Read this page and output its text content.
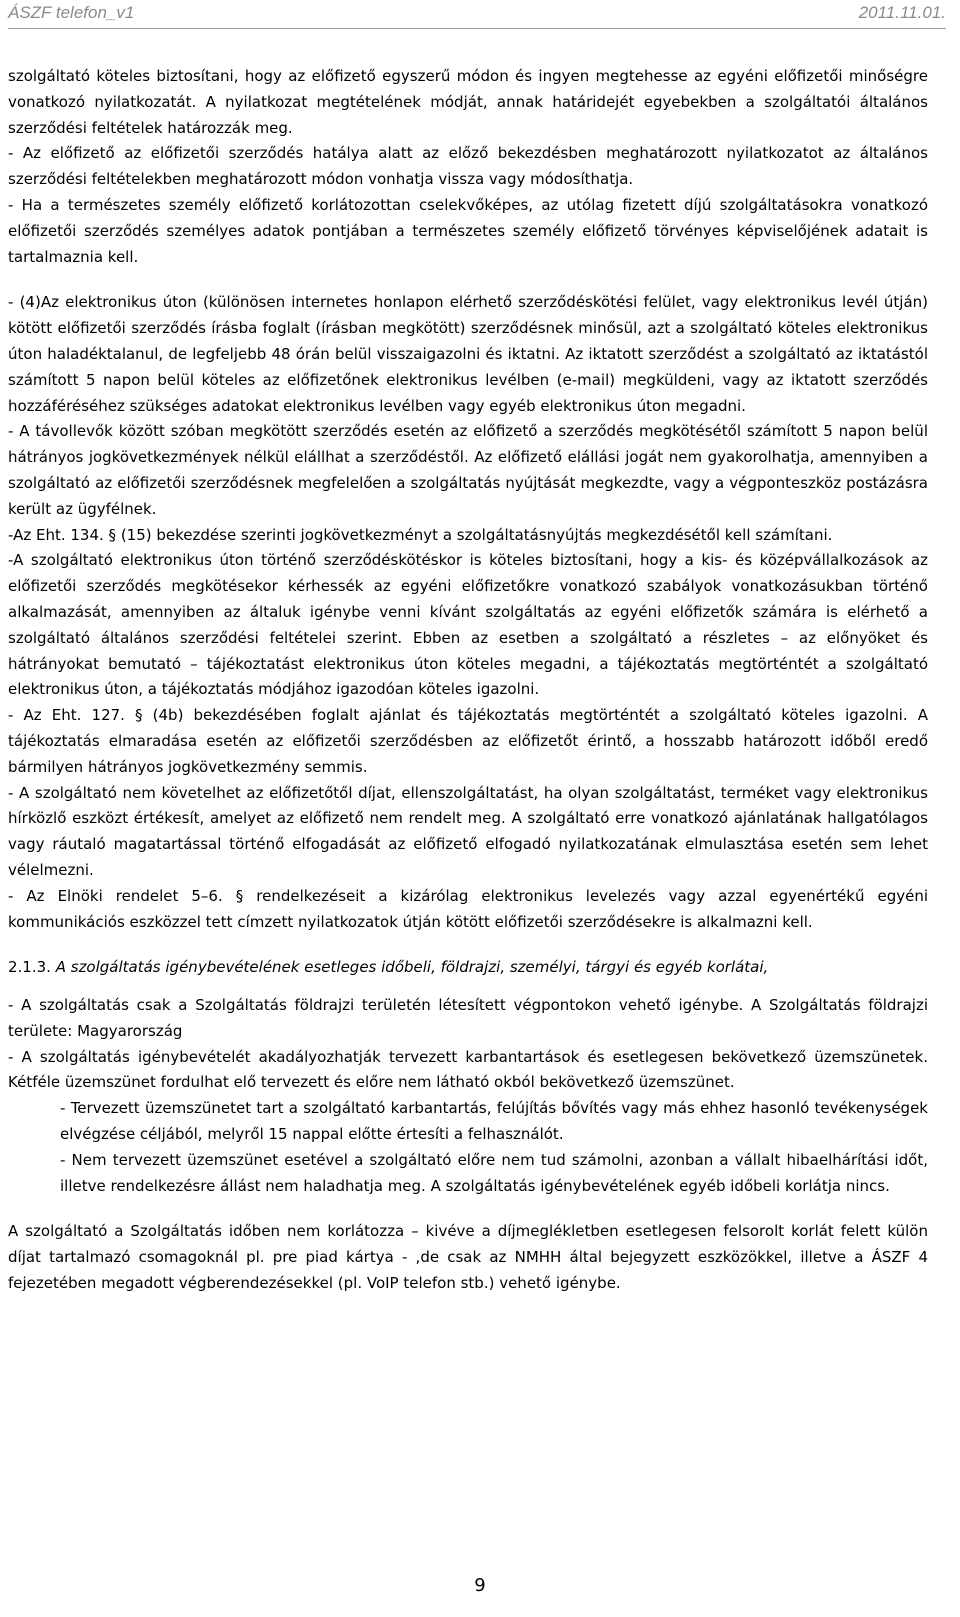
ÁSZF telefon_v1	2011.11.01.

szolgáltató köteles biztosítani, hogy az előfizető egyszerű módon és ingyen megtehesse az egyéni előfizetői minőségre vonatkozó nyilatkozatát. A nyilatkozat megtételének módját, annak határidejét egyebekben a szolgáltatói általános szerződési feltételek határozzák meg.

- Az előfizető az előfizetői szerződés hatálya alatt az előző bekezdésben meghatározott nyilatkozatot az általános szerződési feltételekben meghatározott módon vonhatja vissza vagy módosíthatja.

- Ha a természetes személy előfizető korlátozottan cselekvőképes, az utólag fizetett díjú szolgáltatásokra vonatkozó előfizetői szerződés személyes adatok pontjában a természetes személy előfizető törvényes képviselőjének adatait is tartalmaznia kell.

- (4)Az elektronikus úton (különösen internetes honlapon elérhető szerződéskötési felület, vagy elektronikus levél útján) kötött előfizetői szerződés írásba foglalt (írásban megkötött) szerződésnek minősül, azt a szolgáltató köteles elektronikus úton haladéktalanul, de legfeljebb 48 órán belül visszaigazolni és iktatni. Az iktatott szerződést a szolgáltató az iktatástól számított 5 napon belül köteles az előfizetőnek elektronikus levélben (e-mail) megküldeni, vagy az iktatott szerződés hozzáféréséhez szükséges adatokat elektronikus levélben vagy egyéb elektronikus úton megadni.

- A távollevők között szóban megkötött szerződés esetén az előfizető a szerződés megkötésétől számított 5 napon belül hátrányos jogkövetkezmények nélkül elállhat a szerződéstől. Az előfizető elállási jogát nem gyakorolhatja, amennyiben a szolgáltató az előfizetői szerződésnek megfelelően a szolgáltatás nyújtását megkezdte, vagy a végponteszköz postázásra került az ügyfélnek.

-Az Eht. 134. § (15) bekezdése szerinti jogkövetkezményt a szolgáltatásnyújtás megkezdésétől kell számítani.

-A szolgáltató elektronikus úton történő szerződéskötéskor is köteles biztosítani, hogy a kis- és középvállalkozások az előfizetői szerződés megkötésekor kérhessék az egyéni előfizetőkre vonatkozó szabályok vonatkozásukban történő alkalmazását, amennyiben az általuk igénybe venni kívánt szolgáltatás az egyéni előfizetők számára is elérhető a szolgáltató általános szerződési feltételei szerint. Ebben az esetben a szolgáltató a részletes – az előnyöket és hátrányokat bemutató – tájékoztatást elektronikus úton köteles megadni, a tájékoztatás megtörténtét a szolgáltató elektronikus úton, a tájékoztatás módjához igazodóan köteles igazolni.

- Az Eht. 127. § (4b) bekezdésében foglalt ajánlat és tájékoztatás megtörténtét a szolgáltató köteles igazolni. A tájékoztatás elmaradása esetén az előfizetői szerződésben az előfizetőt érintő, a hosszabb határozott időből eredő bármilyen hátrányos jogkövetkezmény semmis.

- A szolgáltató nem követelhet az előfizetőtől díjat, ellenszolgáltatást, ha olyan szolgáltatást, terméket vagy elektronikus hírközlő eszközt értékesít, amelyet az előfizető nem rendelt meg. A szolgáltató erre vonatkozó ajánlatának hallgatólagos vagy ráutaló magatartással történő elfogadását az előfizető elfogadó nyilatkozatának elmulasztása esetén sem lehet vélelmezni.

- Az Elnöki rendelet 5–6. § rendelkezéseit a kizárólag elektronikus levelezés vagy azzal egyenértékű egyéni kommunikációs eszközzel tett címzett nyilatkozatok útján kötött előfizetői szerződésekre is alkalmazni kell.

2.1.3. A szolgáltatás igénybevételének esetleges időbeli, földrajzi, személyi, tárgyi és egyéb korlátai,

- A szolgáltatás csak a Szolgáltatás földrajzi területén létesített végpontokon vehető igénybe. A Szolgáltatás földrajzi területe: Magyarország

- A szolgáltatás igénybevételét akadályozhatják tervezett karbantartások és esetlegesen bekövetkező üzemszünetek. Kétféle üzemszünet fordulhat elő tervezett és előre nem látható okból bekövetkező üzemszünet.

- Tervezett üzemszünetet tart a szolgáltató karbantartás, felújítás bővítés vagy más ehhez hasonló tevékenységek elvégzése céljából, melyről 15 nappal előtte értesíti a felhasználót.

- Nem tervezett üzemszünet esetével a szolgáltató előre nem tud számolni, azonban a vállalt hibaelhárítási időt, illetve rendelkezésre állást nem haladhatja meg. A szolgáltatás igénybevételének egyéb időbeli korlátja nincs.

A szolgáltató a Szolgáltatás időben nem korlátozza – kivéve a díjmeglékletben esetlegesen felsorolt korlát felett külön díjat tartalmazó csomagoknál pl. pre piad kártya - ,de csak az NMHH által bejegyzett eszközökkel, illetve a ÁSZF 4 fejezetében megadott végberendezésekkel (pl. VoIP telefon stb.) vehető igénybe.

9
